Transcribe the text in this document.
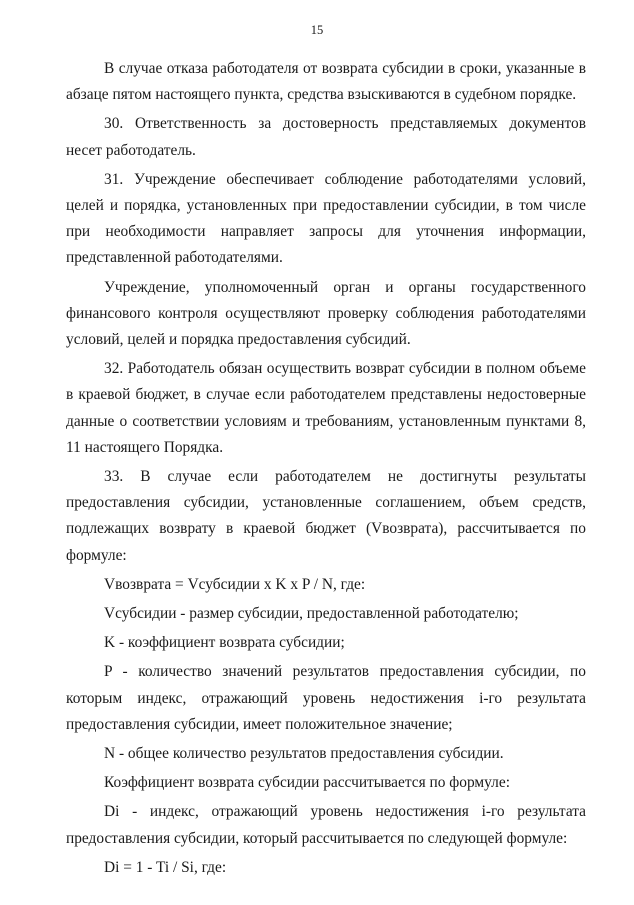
15

В случае отказа работодателя от возврата субсидии в сроки, указанные в абзаце пятом настоящего пункта, средства взыскиваются в судебном порядке.

30. Ответственность за достоверность представляемых документов несет работодатель.

31. Учреждение обеспечивает соблюдение работодателями условий, целей и порядка, установленных при предоставлении субсидии, в том числе при необходимости направляет запросы для уточнения информации, представленной работодателями.

Учреждение, уполномоченный орган и органы государственного финансового контроля осуществляют проверку соблюдения работодателями условий, целей и порядка предоставления субсидий.

32. Работодатель обязан осуществить возврат субсидии в полном объеме в краевой бюджет, в случае если работодателем представлены недостоверные данные о соответствии условиям и требованиям, установленным пунктами 8, 11 настоящего Порядка.

33. В случае если работодателем не достигнуты результаты предоставления субсидии, установленные соглашением, объем средств, подлежащих возврату в краевой бюджет (Vвозврата), рассчитывается по формуле:

Vвозврата = Vсубсидии x K x P / N, где:

Vсубсидии - размер субсидии, предоставленной работодателю;

K - коэффициент возврата субсидии;

P - количество значений результатов предоставления субсидии, по которым индекс, отражающий уровень недостижения i-го результата предоставления субсидии, имеет положительное значение;

N - общее количество результатов предоставления субсидии.

Коэффициент возврата субсидии рассчитывается по формуле:

Di - индекс, отражающий уровень недостижения i-го результата предоставления субсидии, который рассчитывается по следующей формуле:

Di = 1 - Ti / Si, где:
